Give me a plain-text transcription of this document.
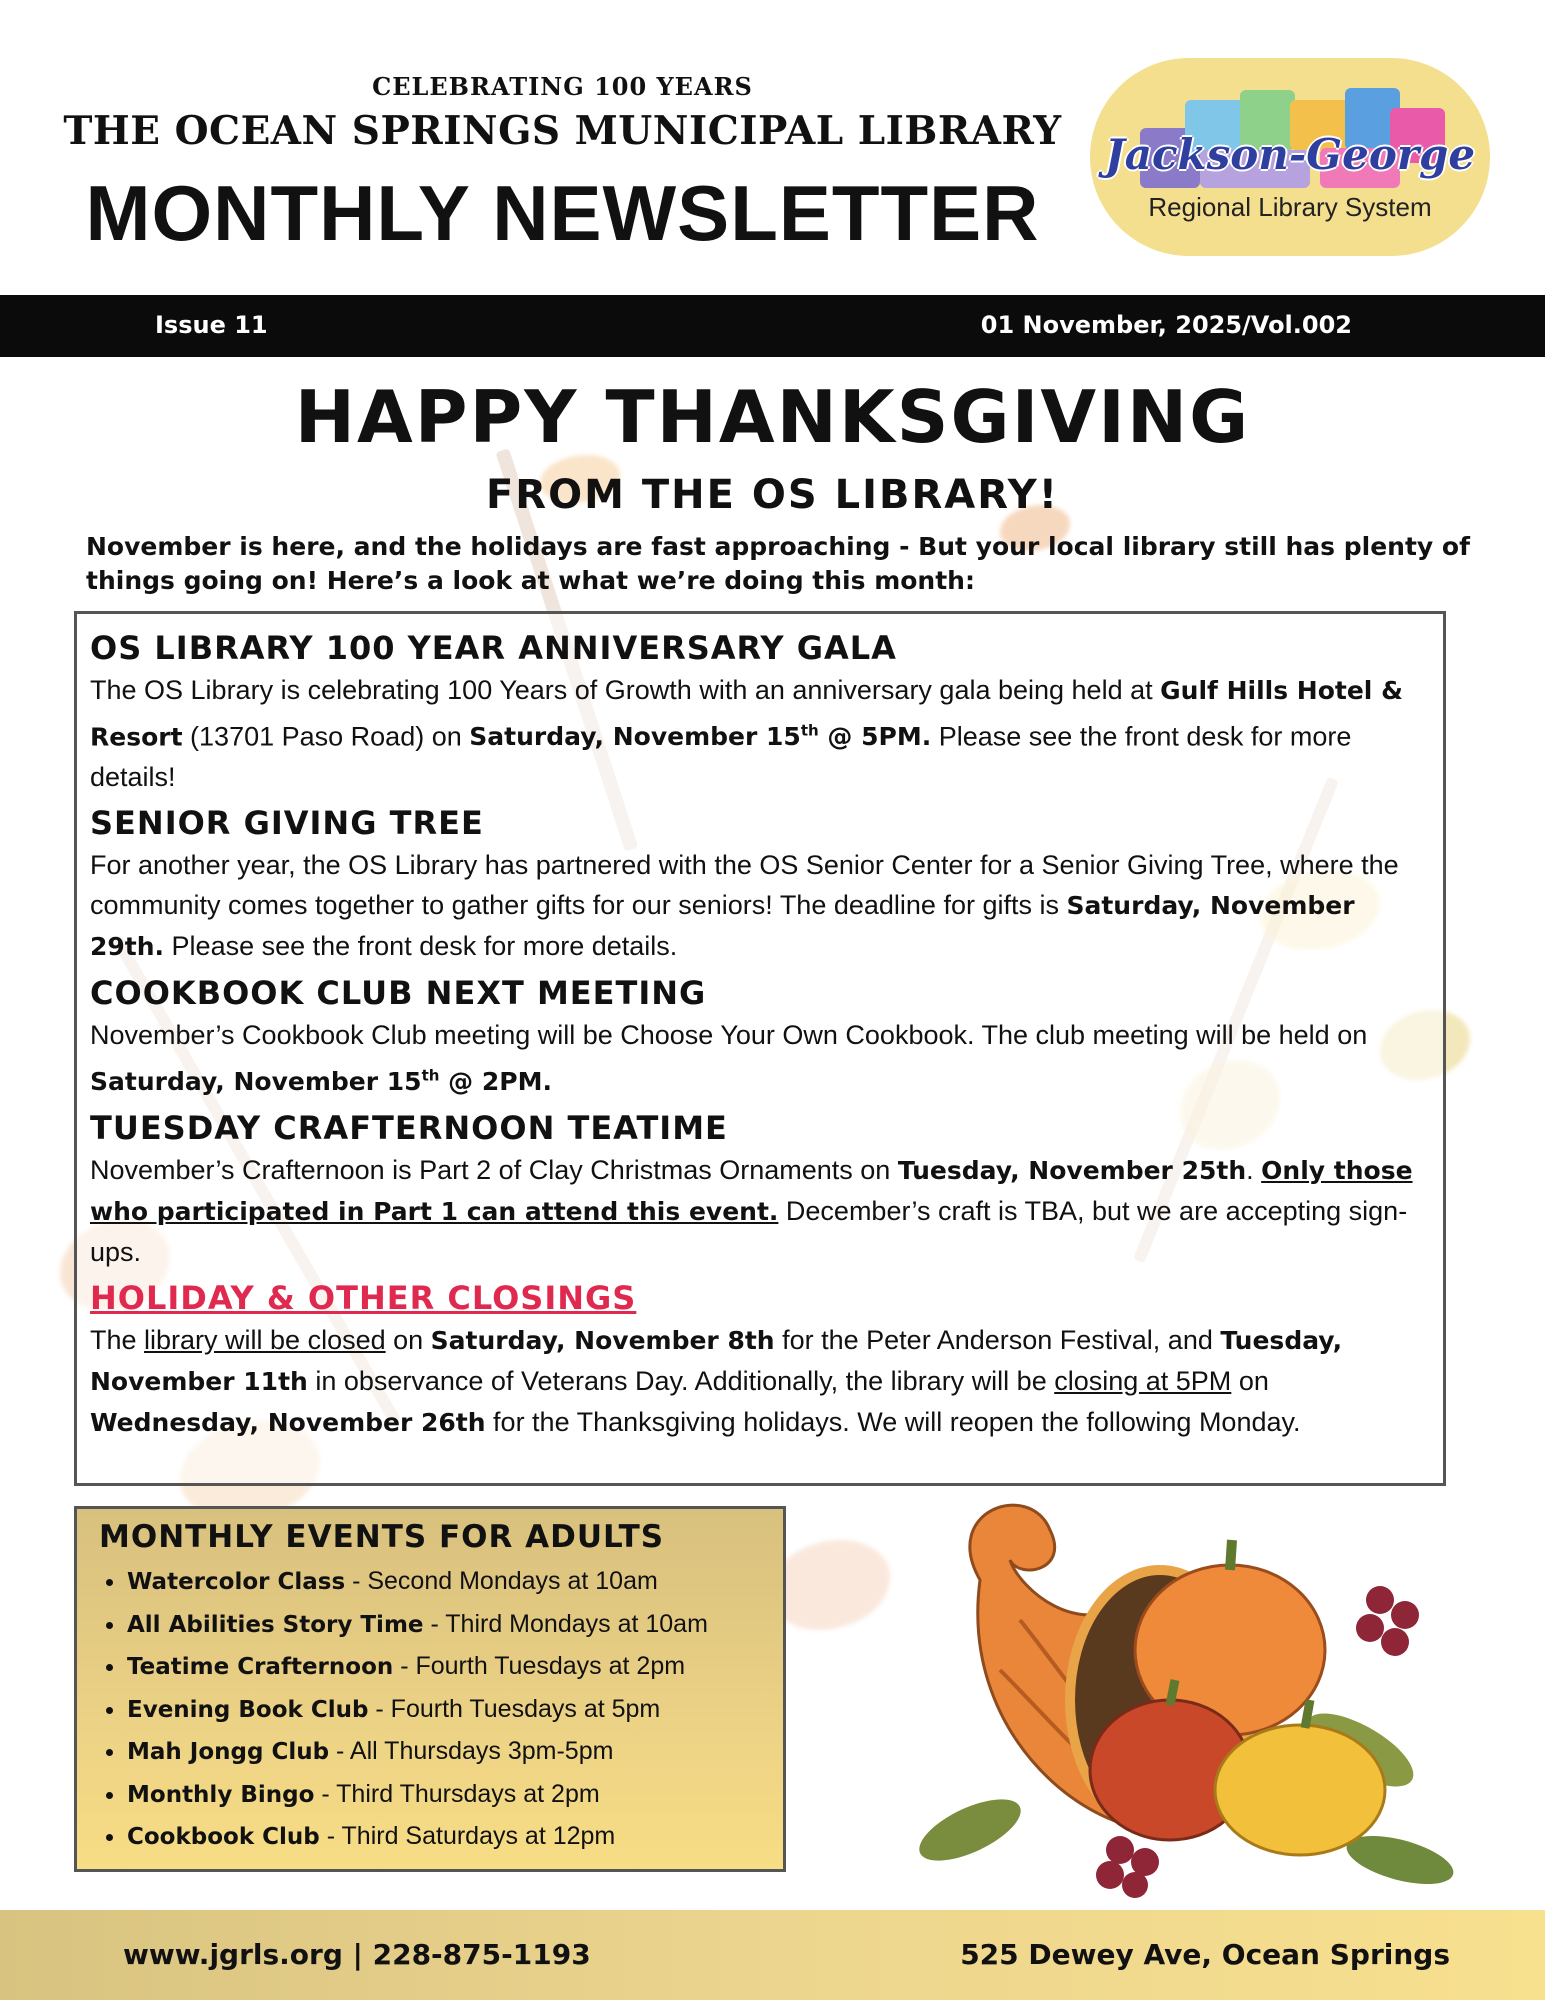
CELEBRATING 100 YEARS
THE OCEAN SPRINGS MUNICIPAL LIBRARY
MONTHLY NEWSLETTER
Jackson-George
Regional Library System
Issue 11	01 November, 2025/Vol.002
HAPPY THANKSGIVING
FROM THE OS LIBRARY!
November is here, and the holidays are fast approaching - But your local library still has plenty of things going on! Here’s a look at what we’re doing this month:
OS LIBRARY 100 YEAR ANNIVERSARY GALA

The OS Library is celebrating 100 Years of Growth with an anniversary gala being held at Gulf Hills Hotel & Resort (13701 Paso Road) on Saturday, November 15th @ 5PM. Please see the front desk for more details!

SENIOR GIVING TREE

For another year, the OS Library has partnered with the OS Senior Center for a Senior Giving Tree, where the community comes together to gather gifts for our seniors! The deadline for gifts is Saturday, November 29th. Please see the front desk for more details.

COOKBOOK CLUB NEXT MEETING

November’s Cookbook Club meeting will be Choose Your Own Cookbook. The club meeting will be held on Saturday, November 15th @ 2PM.

TUESDAY CRAFTERNOON TEATIME

November’s Crafternoon is Part 2 of Clay Christmas Ornaments on Tuesday, November 25th. Only those who participated in Part 1 can attend this event. December’s craft is TBA, but we are accepting sign-ups.

HOLIDAY & OTHER CLOSINGS

The library will be closed on Saturday, November 8th for the Peter Anderson Festival, and Tuesday, November 11th in observance of Veterans Day. Additionally, the library will be closing at 5PM on Wednesday, November 26th for the Thanksgiving holidays. We will reopen the following Monday.

MONTHLY EVENTS FOR ADULTS
• Watercolor Class - Second Mondays at 10am
• All Abilities Story Time - Third Mondays at 10am
• Teatime Crafternoon - Fourth Tuesdays at 2pm
• Evening Book Club - Fourth Tuesdays at 5pm
• Mah Jongg Club - All Thursdays 3pm-5pm
• Monthly Bingo - Third Thursdays at 2pm
• Cookbook Club - Third Saturdays at 12pm
www.jgrls.org | 228-875-1193	525 Dewey Ave, Ocean Springs
